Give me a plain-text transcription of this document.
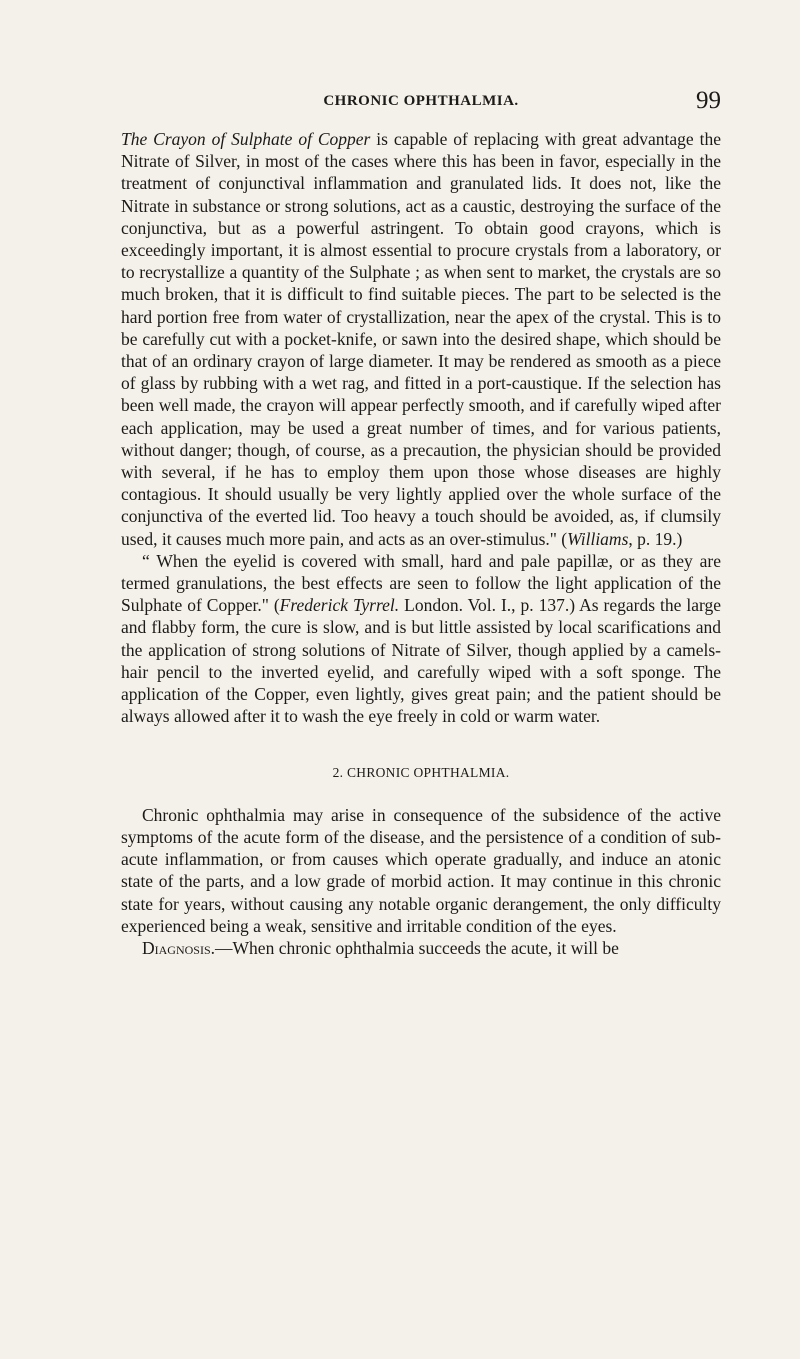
CHRONIC OPHTHALMIA.	99

The Crayon of Sulphate of Copper is capable of replacing with great advantage the Nitrate of Silver, in most of the cases where this has been in favor, especially in the treatment of conjunctival inflammation and granulated lids. It does not, like the Nitrate in substance or strong solutions, act as a caustic, destroying the surface of the conjunctiva, but as a powerful astringent. To obtain good crayons, which is exceedingly important, it is almost essential to procure crystals from a laboratory, or to recrystallize a quantity of the Sulphate ; as when sent to market, the crystals are so much broken, that it is difficult to find suitable pieces. The part to be selected is the hard portion free from water of crystallization, near the apex of the crystal. This is to be carefully cut with a pocket-knife, or sawn into the desired shape, which should be that of an ordinary crayon of large diameter. It may be rendered as smooth as a piece of glass by rubbing with a wet rag, and fitted in a port-caustique. If the selection has been well made, the crayon will appear perfectly smooth, and if carefully wiped after each application, may be used a great number of times, and for various patients, without danger; though, of course, as a precaution, the physician should be provided with several, if he has to employ them upon those whose diseases are highly contagious. It should usually be very lightly applied over the whole surface of the conjunctiva of the everted lid. Too heavy a touch should be avoided, as, if clumsily used, it causes much more pain, and acts as an over-stimulus." (Williams, p. 19.)

“ When the eyelid is covered with small, hard and pale papillæ, or as they are termed granulations, the best effects are seen to follow the light application of the Sulphate of Copper." (Frederick Tyrrel. London. Vol. I., p. 137.) As regards the large and flabby form, the cure is slow, and is but little assisted by local scarifications and the application of strong solutions of Nitrate of Silver, though applied by a camels-hair pencil to the inverted eyelid, and carefully wiped with a soft sponge. The application of the Copper, even lightly, gives great pain; and the patient should be always allowed after it to wash the eye freely in cold or warm water.

2. CHRONIC OPHTHALMIA.

Chronic ophthalmia may arise in consequence of the subsidence of the active symptoms of the acute form of the disease, and the persistence of a condition of sub-acute inflammation, or from causes which operate gradually, and induce an atonic state of the parts, and a low grade of morbid action. It may continue in this chronic state for years, without causing any notable organic derangement, the only difficulty experienced being a weak, sensitive and irritable condition of the eyes.

Diagnosis.—When chronic ophthalmia succeeds the acute, it will be
